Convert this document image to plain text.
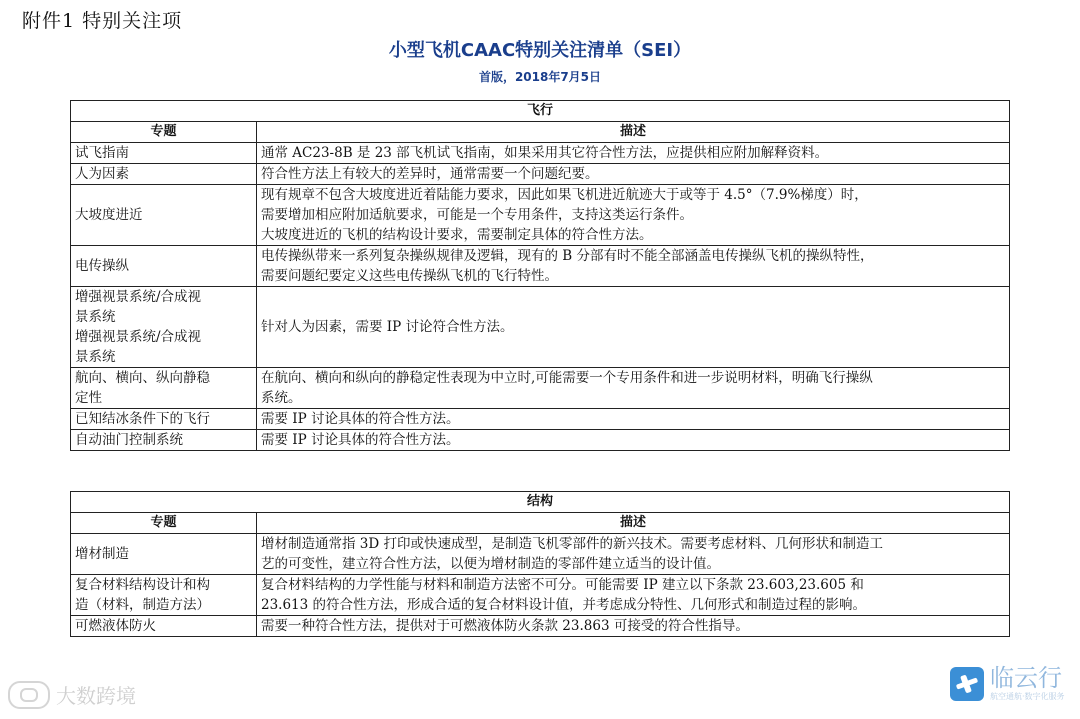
附件1 特别关注项
小型飞机CAAC特别关注清单（SEI）
首版，2018年7月5日
飞行	
专题	描述

试飞指南	通常 AC23-8B 是 23 部飞机试飞指南，如果采用其它符合性方法，应提供相应附加解释资料。

人为因素	符合性方法上有较大的差异时，通常需要一个问题纪要。

大坡度进近	现有规章不包含大坡度进近着陆能力要求，因此如果飞机进近航迹大于或等于 4.5°（7.9%梯度）时，
需要增加相应附加适航要求，可能是一个专用条件，支持这类运行条件。
大坡度进近的飞机的结构设计要求，需要制定具体的符合性方法。

电传操纵	电传操纵带来一系列复杂操纵规律及逻辑，现有的 B 分部有时不能全部涵盖电传操纵飞机的操纵特性，
需要问题纪要定义这些电传操纵飞机的飞行特性。

增强视景系统/合成视
景系统
增强视景系统/合成视
景系统	针对人为因素，需要 IP 讨论符合性方法。

航向、横向、纵向静稳
定性	在航向、横向和纵向的静稳定性表现为中立时,可能需要一个专用条件和进一步说明材料，明确飞行操纵
系统。

已知结冰条件下的飞行	需要 IP 讨论具体的符合性方法。

自动油门控制系统	需要 IP 讨论具体的符合性方法。
结构	
专题	描述

增材制造	增材制造通常指 3D 打印或快速成型，是制造飞机零部件的新兴技术。需要考虑材料、几何形状和制造工
艺的可变性，建立符合性方法，以便为增材制造的零部件建立适当的设计值。

复合材料结构设计和构
造（材料，制造方法）	复合材料结构的力学性能与材料和制造方法密不可分。可能需要 IP 建立以下条款 23.603,23.605 和
23.613 的符合性方法，形成合适的复合材料设计值，并考虑成分特性、几何形式和制造过程的影响。

可燃液体防火	需要一种符合性方法，提供对于可燃液体防火条款 23.863 可接受的符合性指导。
大数跨境
临云行
航空通航·数字化服务
